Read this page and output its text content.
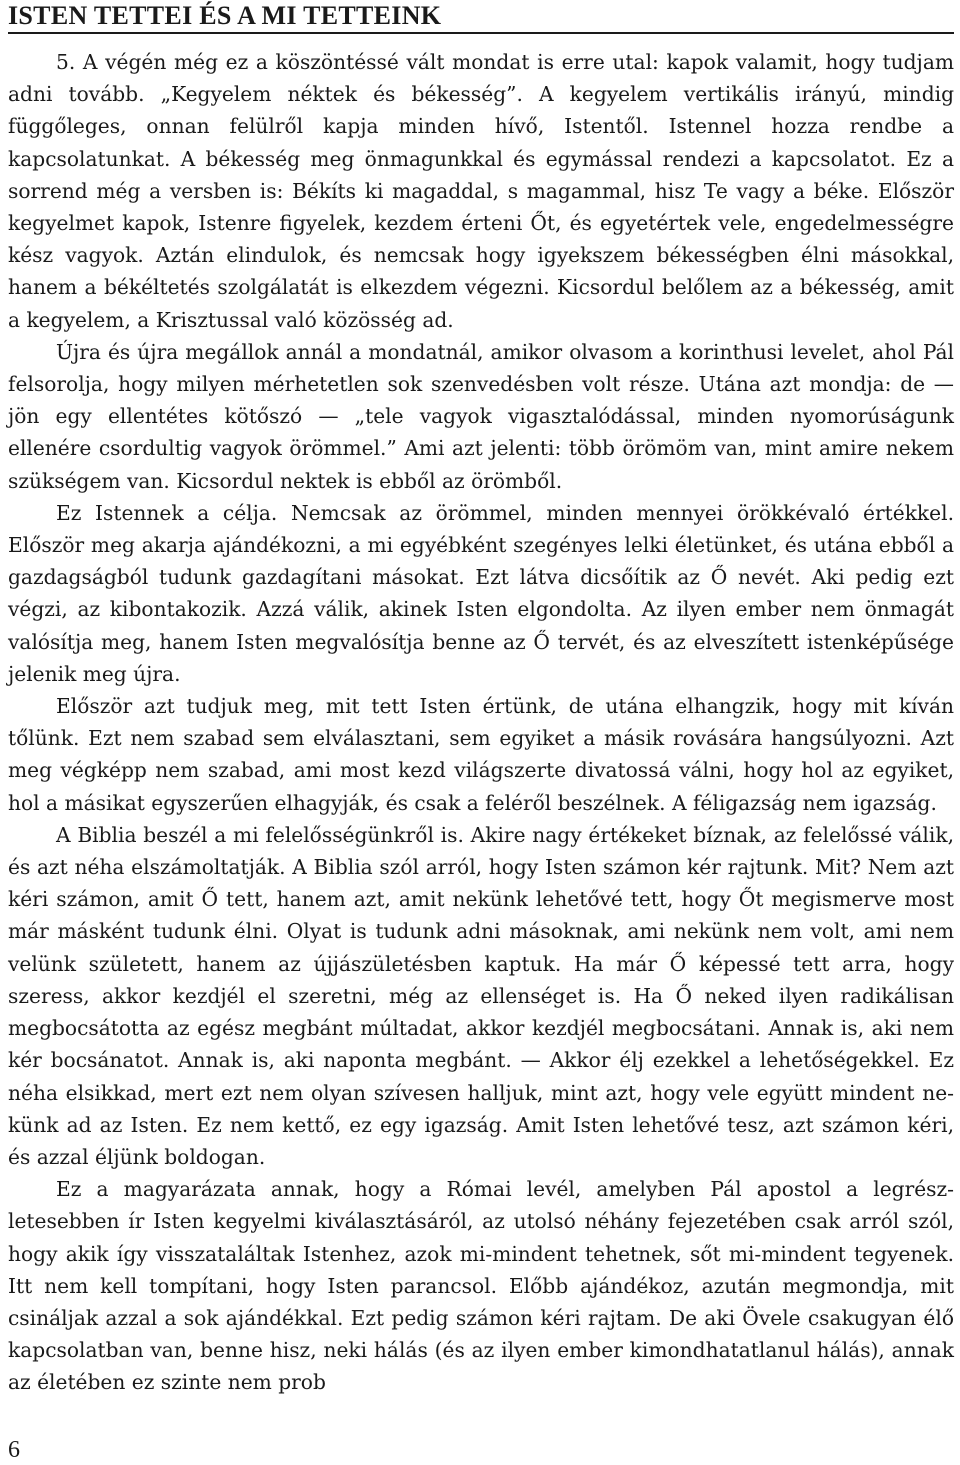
ISTEN TETTEI ÉS A MI TETTEINK

5. A végén még ez a köszöntéssé vált mondat is erre utal: kapok valamit, hogy tudjam adni tovább. „Kegyelem néktek és békesség”. A kegyelem vertikális irányú, mindig függőleges, onnan felülről kapja minden hívő, Istentől. Istennel hozza rendbe a kapcsolatunkat. A békesség meg önmagunkkal és egymással rendezi a kapcsolatot. Ez a sorrend még a versben is: Békíts ki magaddal, s magammal, hisz Te vagy a béke. Először kegyelmet kapok, Istenre figyelek, kezdem érteni Őt, és egyetértek vele, engedelmességre kész vagyok. Aztán elindulok, és nemcsak hogy igyekszem békességben élni másokkal, hanem a békéltetés szolgálatát is elkezdem végezni. Kicsordul belőlem az a békesség, amit a kegyelem, a Krisztussal való közösség ad.

Újra és újra megállok annál a mondatnál, amikor olvasom a korinthusi levelet, ahol Pál felsorolja, hogy milyen mérhetetlen sok szenvedésben volt része. Utána azt mondja: de — jön egy ellentétes kötőszó — „tele vagyok vigasztalódással, minden nyomorúságunk ellenére csordultig vagyok örömmel.” Ami azt jelenti: több örömöm van, mint amire nekem szükségem van. Kicsordul nektek is ebből az örömből.

Ez Istennek a célja. Nemcsak az örömmel, minden mennyei örökkévaló értékkel. Először meg akarja ajándékozni, a mi egyébként szegényes lelki életünket, és utána ebből a gazdagságból tudunk gazdagítani másokat. Ezt látva dicsőítik az Ő nevét. Aki pedig ezt végzi, az kibontakozik. Azzá válik, akinek Isten elgondolta. Az ilyen ember nem önmagát valósítja meg, hanem Isten megvalósítja benne az Ő tervét, és az elveszített istenképűsége jelenik meg újra.

Először azt tudjuk meg, mit tett Isten értünk, de utána elhangzik, hogy mit kíván tőlünk. Ezt nem szabad sem elválasztani, sem egyiket a másik rovására hangsúlyozni. Azt meg végképp nem szabad, ami most kezd világszerte divatossá válni, hogy hol az egyiket, hol a másikat egyszerűen elhagyják, és csak a feléről beszélnek. A féligazság nem igazság.

A Biblia beszél a mi felelősségünkről is. Akire nagy értékeket bíznak, az felelőssé válik, és azt néha elszámoltatják. A Biblia szól arról, hogy Isten számon kér rajtunk. Mit? Nem azt kéri számon, amit Ő tett, hanem azt, amit nekünk lehetővé tett, hogy Őt megismerve most már másként tudunk élni. Olyat is tudunk adni másoknak, ami nekünk nem volt, ami nem velünk született, hanem az újjászületésben kaptuk. Ha már Ő képessé tett arra, hogy szeress, akkor kezdjél el szeretni, még az ellenséget is. Ha Ő neked ilyen radikálisan megbocsátotta az egész megbánt múltadat, akkor kezdjél megbocsátani. Annak is, aki nem kér bocsánatot. Annak is, aki naponta megbánt. — Akkor élj ezekkel a lehetőségekkel. Ez néha elsikkad, mert ezt nem olyan szívesen halljuk, mint azt, hogy vele együtt mindent nekünk ad az Isten. Ez nem kettő, ez egy igazság. Amit Isten lehetővé tesz, azt számon kéri, és azzal éljünk boldogan.

Ez a magyarázata annak, hogy a Római levél, amelyben Pál apostol a legrészletesebben ír Isten kegyelmi kiválasztásáról, az utolsó néhány fejezetében csak arról szól, hogy akik így visszataláltak Istenhez, azok mi-mindent tehetnek, sőt mi-mindent tegyenek. Itt nem kell tompítani, hogy Isten parancsol. Előbb ajándékoz, azután megmondja, mit csináljak azzal a sok ajándékkal. Ezt pedig számon kéri rajtam. De aki Övele csakugyan élő kapcsolatban van, benne hisz, neki hálás (és az ilyen ember kimondhatatlanul hálás), annak az életében ez szinte nem prob

6
